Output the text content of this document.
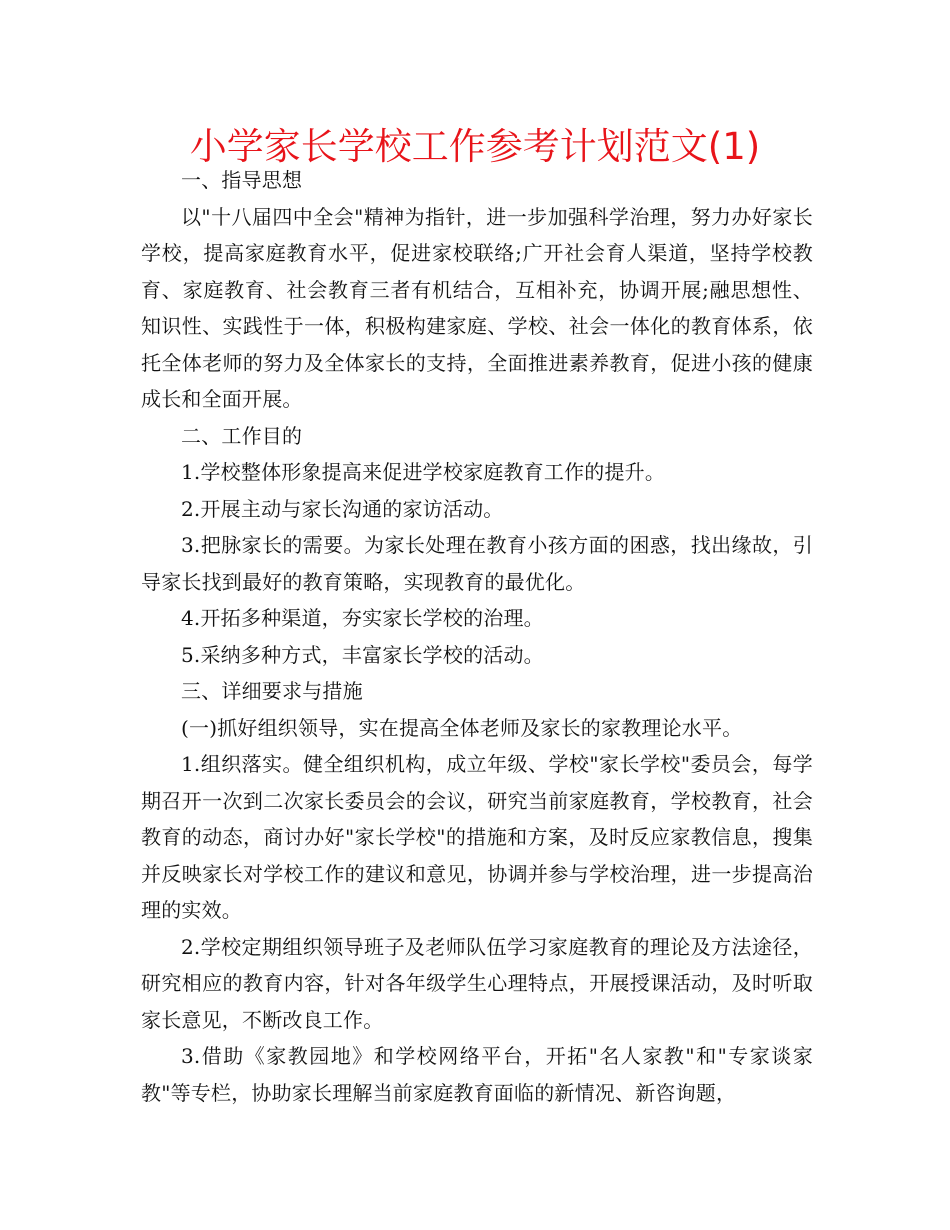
小学家长学校工作参考计划范文(1)

一、指导思想

以"十八届四中全会"精神为指针，进一步加强科学治理，努力办好家长学校，提高家庭教育水平，促进家校联络;广开社会育人渠道，坚持学校教育、家庭教育、社会教育三者有机结合，互相补充，协调开展;融思想性、知识性、实践性于一体，积极构建家庭、学校、社会一体化的教育体系，依托全体老师的努力及全体家长的支持，全面推进素养教育，促进小孩的健康成长和全面开展。

二、工作目的

1.学校整体形象提高来促进学校家庭教育工作的提升。

2.开展主动与家长沟通的家访活动。

3.把脉家长的需要。为家长处理在教育小孩方面的困惑，找出缘故，引导家长找到最好的教育策略，实现教育的最优化。

4.开拓多种渠道，夯实家长学校的治理。

5.采纳多种方式，丰富家长学校的活动。

三、详细要求与措施

(一)抓好组织领导，实在提高全体老师及家长的家教理论水平。

1.组织落实。健全组织机构，成立年级、学校"家长学校"委员会，每学期召开一次到二次家长委员会的会议，研究当前家庭教育，学校教育，社会教育的动态，商讨办好"家长学校"的措施和方案，及时反应家教信息，搜集并反映家长对学校工作的建议和意见，协调并参与学校治理，进一步提高治理的实效。

2.学校定期组织领导班子及老师队伍学习家庭教育的理论及方法途径，研究相应的教育内容，针对各年级学生心理特点，开展授课活动，及时听取家长意见，不断改良工作。

3.借助《家教园地》和学校网络平台，开拓"名人家教"和"专家谈家教"等专栏，协助家长理解当前家庭教育面临的新情况、新咨询题，
